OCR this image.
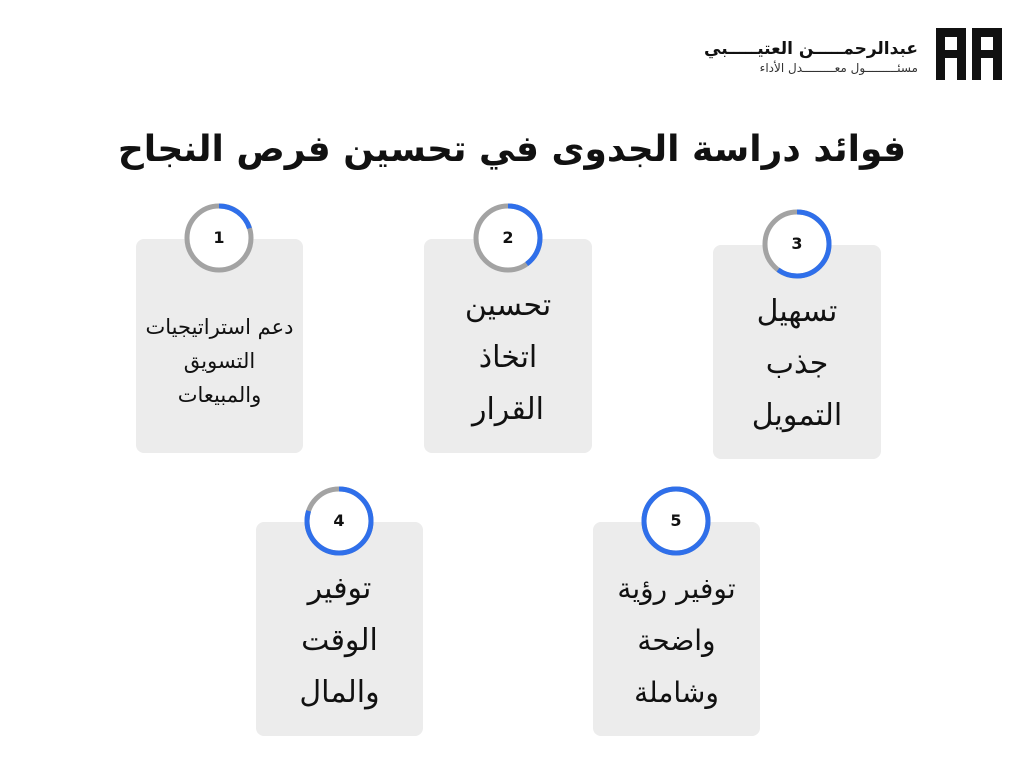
عبدالرحمـــــن العتيـــــبي
مسئـــــــــول معـــــــــدل الأداء
فوائد دراسة الجدوى في تحسين فرص النجاح
دعم استراتيجيات التسويق والمبيعات
تحسين اتخاذ القرار
تسهيل جذب التمويل
توفير الوقت والمال
توفير رؤية واضحة وشاملة
1	2	3
4	5
